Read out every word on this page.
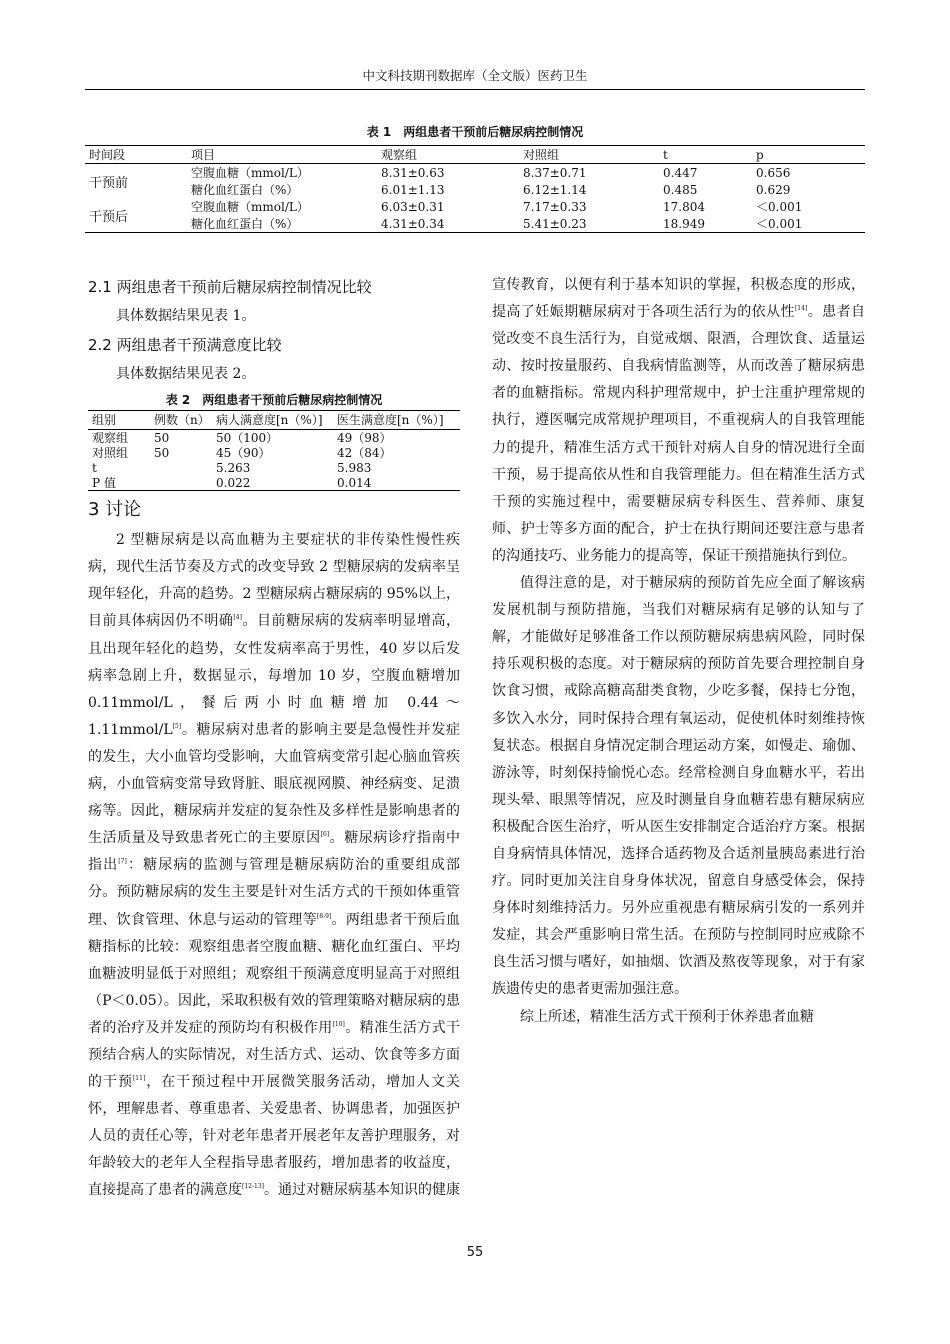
中文科技期刊数据库（全文版）医药卫生
表 1　两组患者干预前后糖尿病控制情况
时间段	项目	观察组	对照组	t	p
干预前	空腹血糖（mmol/L）	8.31±0.63	8.37±0.71	0.447	0.656
	糖化血红蛋白（%）	6.01±1.13	6.12±1.14	0.485	0.629
干预后	空腹血糖（mmol/L）	6.03±0.31	7.17±0.33	17.804	＜0.001
	糖化血红蛋白（%）	4.31±0.34	5.41±0.23	18.949	＜0.001
2.1 两组患者干预前后糖尿病控制情况比较

具体数据结果见表 1。

2.2 两组患者干预满意度比较

具体数据结果见表 2。

表 2　两组患者干预前后糖尿病控制情况
组别	例数（n）	病人满意度[n（%）]	医生满意度[n（%）]
观察组	50	50（100）	49（98）
对照组	50	45（90）	42（84）
t		5.263	5.983
P 值		0.022	0.014
3 讨论

2 型糖尿病是以高血糖为主要症状的非传染性慢性疾病，现代生活节奏及方式的改变导致 2 型糖尿病的发病率呈现年轻化，升高的趋势。2 型糖尿病占糖尿病的 95%以上，目前具体病因仍不明确[4]。目前糖尿病的发病率明显增高，且出现年轻化的趋势，女性发病率高于男性，40 岁以后发病率急剧上升，数据显示，每增加 10 岁，空腹血糖增加 0.11mmol/L，餐后两小时血糖增加 0.44～1.11mmol/L[5]。糖尿病对患者的影响主要是急慢性并发症的发生，大小血管均受影响，大血管病变常引起心脑血管疾病，小血管病变常导致肾脏、眼底视网膜、神经病变、足溃疡等。因此，糖尿病并发症的复杂性及多样性是影响患者的生活质量及导致患者死亡的主要原因[6]。糖尿病诊疗指南中指出[7]：糖尿病的监测与管理是糖尿病防治的重要组成部分。预防糖尿病的发生主要是针对生活方式的干预如体重管理、饮食管理、休息与运动的管理等[8-9]。两组患者干预后血糖指标的比较：观察组患者空腹血糖、糖化血红蛋白、平均血糖波明显低于对照组；观察组干预满意度明显高于对照组（P＜0.05）。因此，采取积极有效的管理策略对糖尿病的患者的治疗及并发症的预防均有积极作用[10]。精准生活方式干预结合病人的实际情况，对生活方式、运动、饮食等多方面的干预[11]，在干预过程中开展微笑服务活动，增加人文关怀，理解患者、尊重患者、关爱患者、协调患者，加强医护人员的责任心等，针对老年患者开展老年友善护理服务，对年龄较大的老年人全程指导患者服药，增加患者的收益度，直接提高了患者的满意度[12-13]。通过对糖尿病基本知识的健康

宣传教育，以便有利于基本知识的掌握，积极态度的形成，提高了妊娠期糖尿病对于各项生活行为的依从性[14]。患者自觉改变不良生活行为，自觉戒烟、限酒，合理饮食、适量运动、按时按量服药、自我病情监测等，从而改善了糖尿病患者的血糖指标。常规内科护理常规中，护士注重护理常规的执行，遵医嘱完成常规护理项目，不重视病人的自我管理能力的提升，精准生活方式干预针对病人自身的情况进行全面干预，易于提高依从性和自我管理能力。但在精准生活方式干预的实施过程中，需要糖尿病专科医生、营养师、康复师、护士等多方面的配合，护士在执行期间还要注意与患者的沟通技巧、业务能力的提高等，保证干预措施执行到位。

值得注意的是，对于糖尿病的预防首先应全面了解该病发展机制与预防措施，当我们对糖尿病有足够的认知与了解，才能做好足够准备工作以预防糖尿病患病风险，同时保持乐观积极的态度。对于糖尿病的预防首先要合理控制自身饮食习惯，戒除高糖高甜类食物，少吃多餐，保持七分饱，多饮入水分，同时保持合理有氧运动，促使机体时刻维持恢复状态。根据自身情况定制合理运动方案，如慢走、瑜伽、游泳等，时刻保持愉悦心态。经常检测自身血糖水平，若出现头晕、眼黑等情况，应及时测量自身血糖若患有糖尿病应积极配合医生治疗，听从医生安排制定合适治疗方案。根据自身病情具体情况，选择合适药物及合适剂量胰岛素进行治疗。同时更加关注自身身体状况，留意自身感受体会，保持身体时刻维持活力。另外应重视患有糖尿病引发的一系列并发症，其会严重影响日常生活。在预防与控制同时应戒除不良生活习惯与嗜好，如抽烟、饮酒及熬夜等现象，对于有家族遗传史的患者更需加强注意。

综上所述，精准生活方式干预利于休养患者血糖

55
